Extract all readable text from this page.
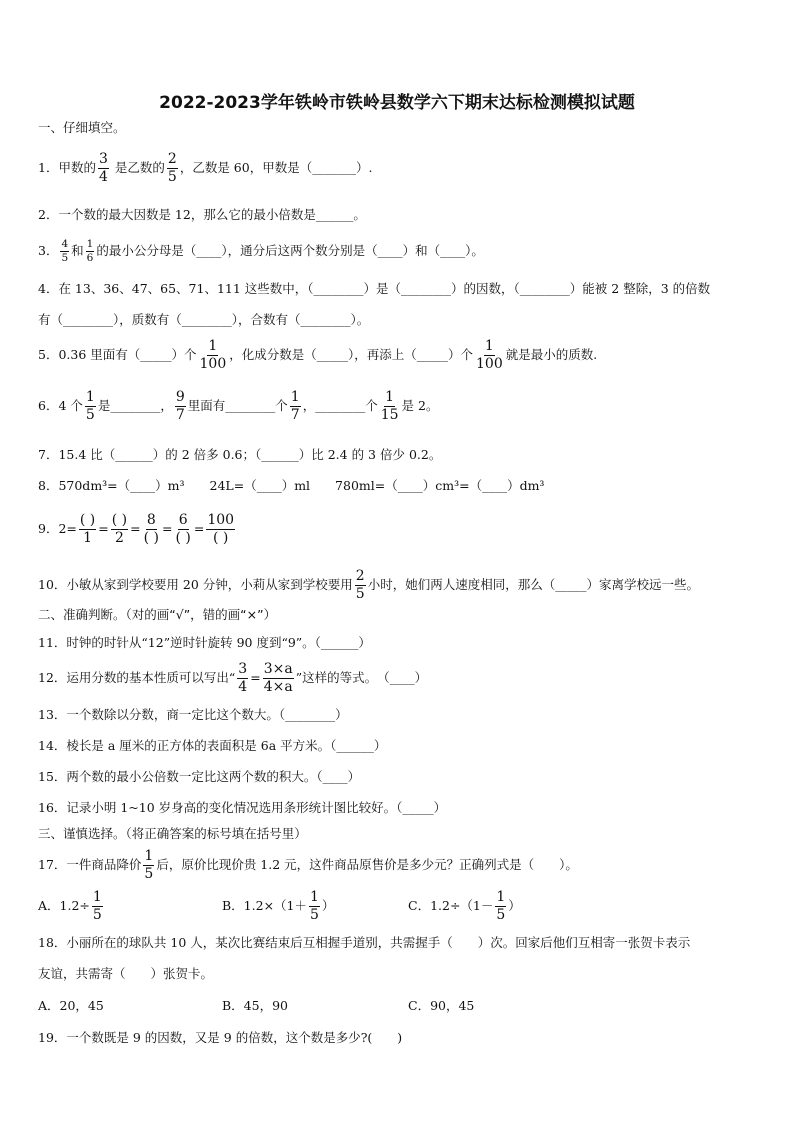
2022-2023学年铁岭市铁岭县数学六下期末达标检测模拟试题
一、仔细填空。
1．甲数的
3
4
是乙数的
2
5
，乙数是 60，甲数是（_______）.
2．一个数的最大因数是 12，那么它的最小倍数是______。
3． 4
5 和 1
6 的最小公分母是（____），通分后这两个数分别是（____）和（____）。
4．在 13、36、47、65、71、111 这些数中，（________）是（________）的因数，（________）能被 2 整除，3 的倍数
有（________），质数有（________），合数有（________）。
5．0.36 里面有（_____）个
1
100
，化成分数是（_____），再添上（_____）个
1
100
就是最小的质数.
6．4 个
1
5
是________，
9
7
里面有________个
1
7
，________个
1
15
是 2。
7．15.4 比（______）的 2 倍多 0.6；（______）比 2.4 的 3 倍少 0.2。
8．570dm³=（____）m³　　24L=（____）ml　　780ml=（____）cm³=（____）dm³
9．2=
( )
1
=
( )
2
=
8
( )
=
6
( )
=
100
( )
10．小敏从家到学校要用 20 分钟，小莉从家到学校要用
2
5
小时，她们两人速度相同，那么（_____）家离学校远一些。
二、准确判断。（对的画“√”，错的画“×”）
11．时钟的时针从“12”逆时针旋转 90 度到“9”。（______）
12．运用分数的基本性质可以写出“ $\frac{3}{4} = \frac{3\times a}{4\times a}$ ”这样的等式。　（____）
13．一个数除以分数，商一定比这个数大。（________）
14．棱长是 a 厘米的正方体的表面积是 6a 平方米。（______）
15．两个数的最小公倍数一定比这两个数的积大。（____）
16．记录小明 1~10 岁身高的变化情况选用条形统计图比较好。（_____）
三、谨慎选择。（将正确答案的标号填在括号里）
17．一件商品降价
1
5
后，原价比现价贵 1.2 元，这件商品原售价是多少元？正确列式是（　　）。
A．$1.2\div \frac{1}{5}$	B．1.2×（1＋
1
5
）	C．1.2÷（1－
1
5
）
18．小丽所在的球队共 10 人，某次比赛结束后互相握手道别，共需握手（　　）次。回家后他们互相寄一张贺卡表示
友谊，共需寄（　　）张贺卡。
A．20，45	B．45，90	C．90，45
19．一个数既是 9 的因数，又是 9 的倍数，这个数是多少?(　　)
